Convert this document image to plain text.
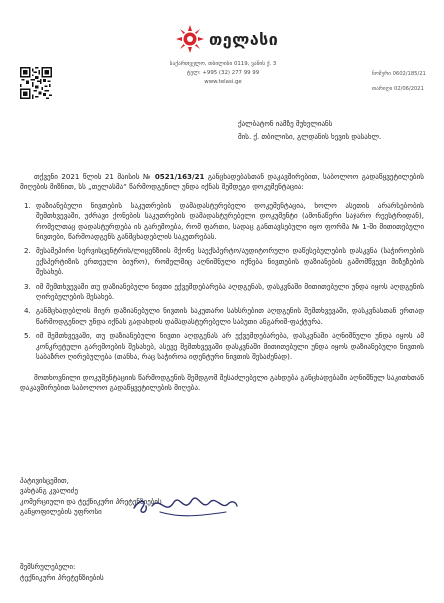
თელასი
საქართველო, თბილისი 0119, ვანის ქ. 3
ტელ: +995 (32) 277 99 99
www.telasi.ge
ნომერი 0602/185/21
თარიღი 02/06/2021
ქალბატონ იამზე მუხელიანს
მის. ქ. თბილისი, გლდანის ხევის დასახლ.

თქვენი 2021 წლის 21 მაისის № 0521/163/21 განცხადებასთან დაკავშირებით, საბოლოო გადაწყვეტილების მიღების მიზნით, სს „თელასმა“ წარმოდგენილ უნდა იქნას შემდეგი დოკუმენტაცია:

1. დაზიანებული ნივთების საკუთრების დამადასტურებელი დოკუმენტაცია, ხოლო ასეთის არარსებობის შემთხვევაში, უძრავი ქონების საკუთრების დამადასტურებელი დოკუმენტი (ამონაწერი საჯარო რეესტრიდან), რომელთაც დადასტურდება ის გარემოება, რომ ფართი, სადაც განთავსებული იყო ფორმა № 1-ში მითითებული ნივთები, წარმოადგენს განმცხადებლის საკუთრებას.
2. მესამეპირი სერვისცენტრის/ლიცენზიის მქონე საექსპერტო/აუდიტორული დაწესებულების დასკვნა (საჭიროების ექსპერტიზის ერთეული ბიურო), რომელშიც აღნიშნული იქნება ნივთების დაზიანების გამომწვევი მიზეზების შესახებ.
3. იმ შემთხვევაში თუ დაზიანებული ნივთი ექვემდებარება აღდგენას, დასკვნაში მითითებული უნდა იყოს აღდგენის ღირებულების შესახებ.
4. განმცხადებლის მიერ დაზიანებული ნივთის საკუთარი სახსრებით აღდგენის შემთხვევაში, დასკვნასთან ერთად წარმოდგენილ უნდა იქნას გადახდის დამადასტურებელი საბუთი ანგარიშ-ფაქტურა.
5. იმ შემთხვევაში, თუ დაზიანებული ნივთი აღდგენას არ ექვემდებარება, დასკვნაში აღნიშნული უნდა იყოს ამ კონკრეტული გარემოების შესახებ, ასევე შემთხვევაში დასკვნაში მითითებული უნდა იყოს დაზიანებული ნივთის საბაზრო ღირებულება (თანხა, რაც საჭიროა იდენტური ნივთის შესაძენად).

მოთხოვნილი დოკუმენტაციის წარმოდგენის შემდგომ შესაძლებელი გახდება განცხადებაში აღნიშნულ საკითხთან დაკავშირებით საბოლოო გადაწყვეტილების მიღება.

პატივისცემით,
ვახტანგ კვალიძე
კომერციული და ტექნიკური პრეტენზიების
განყოფილების უფროსი
შემსრულებელი:
ტექნიკური პრეტენზიების
